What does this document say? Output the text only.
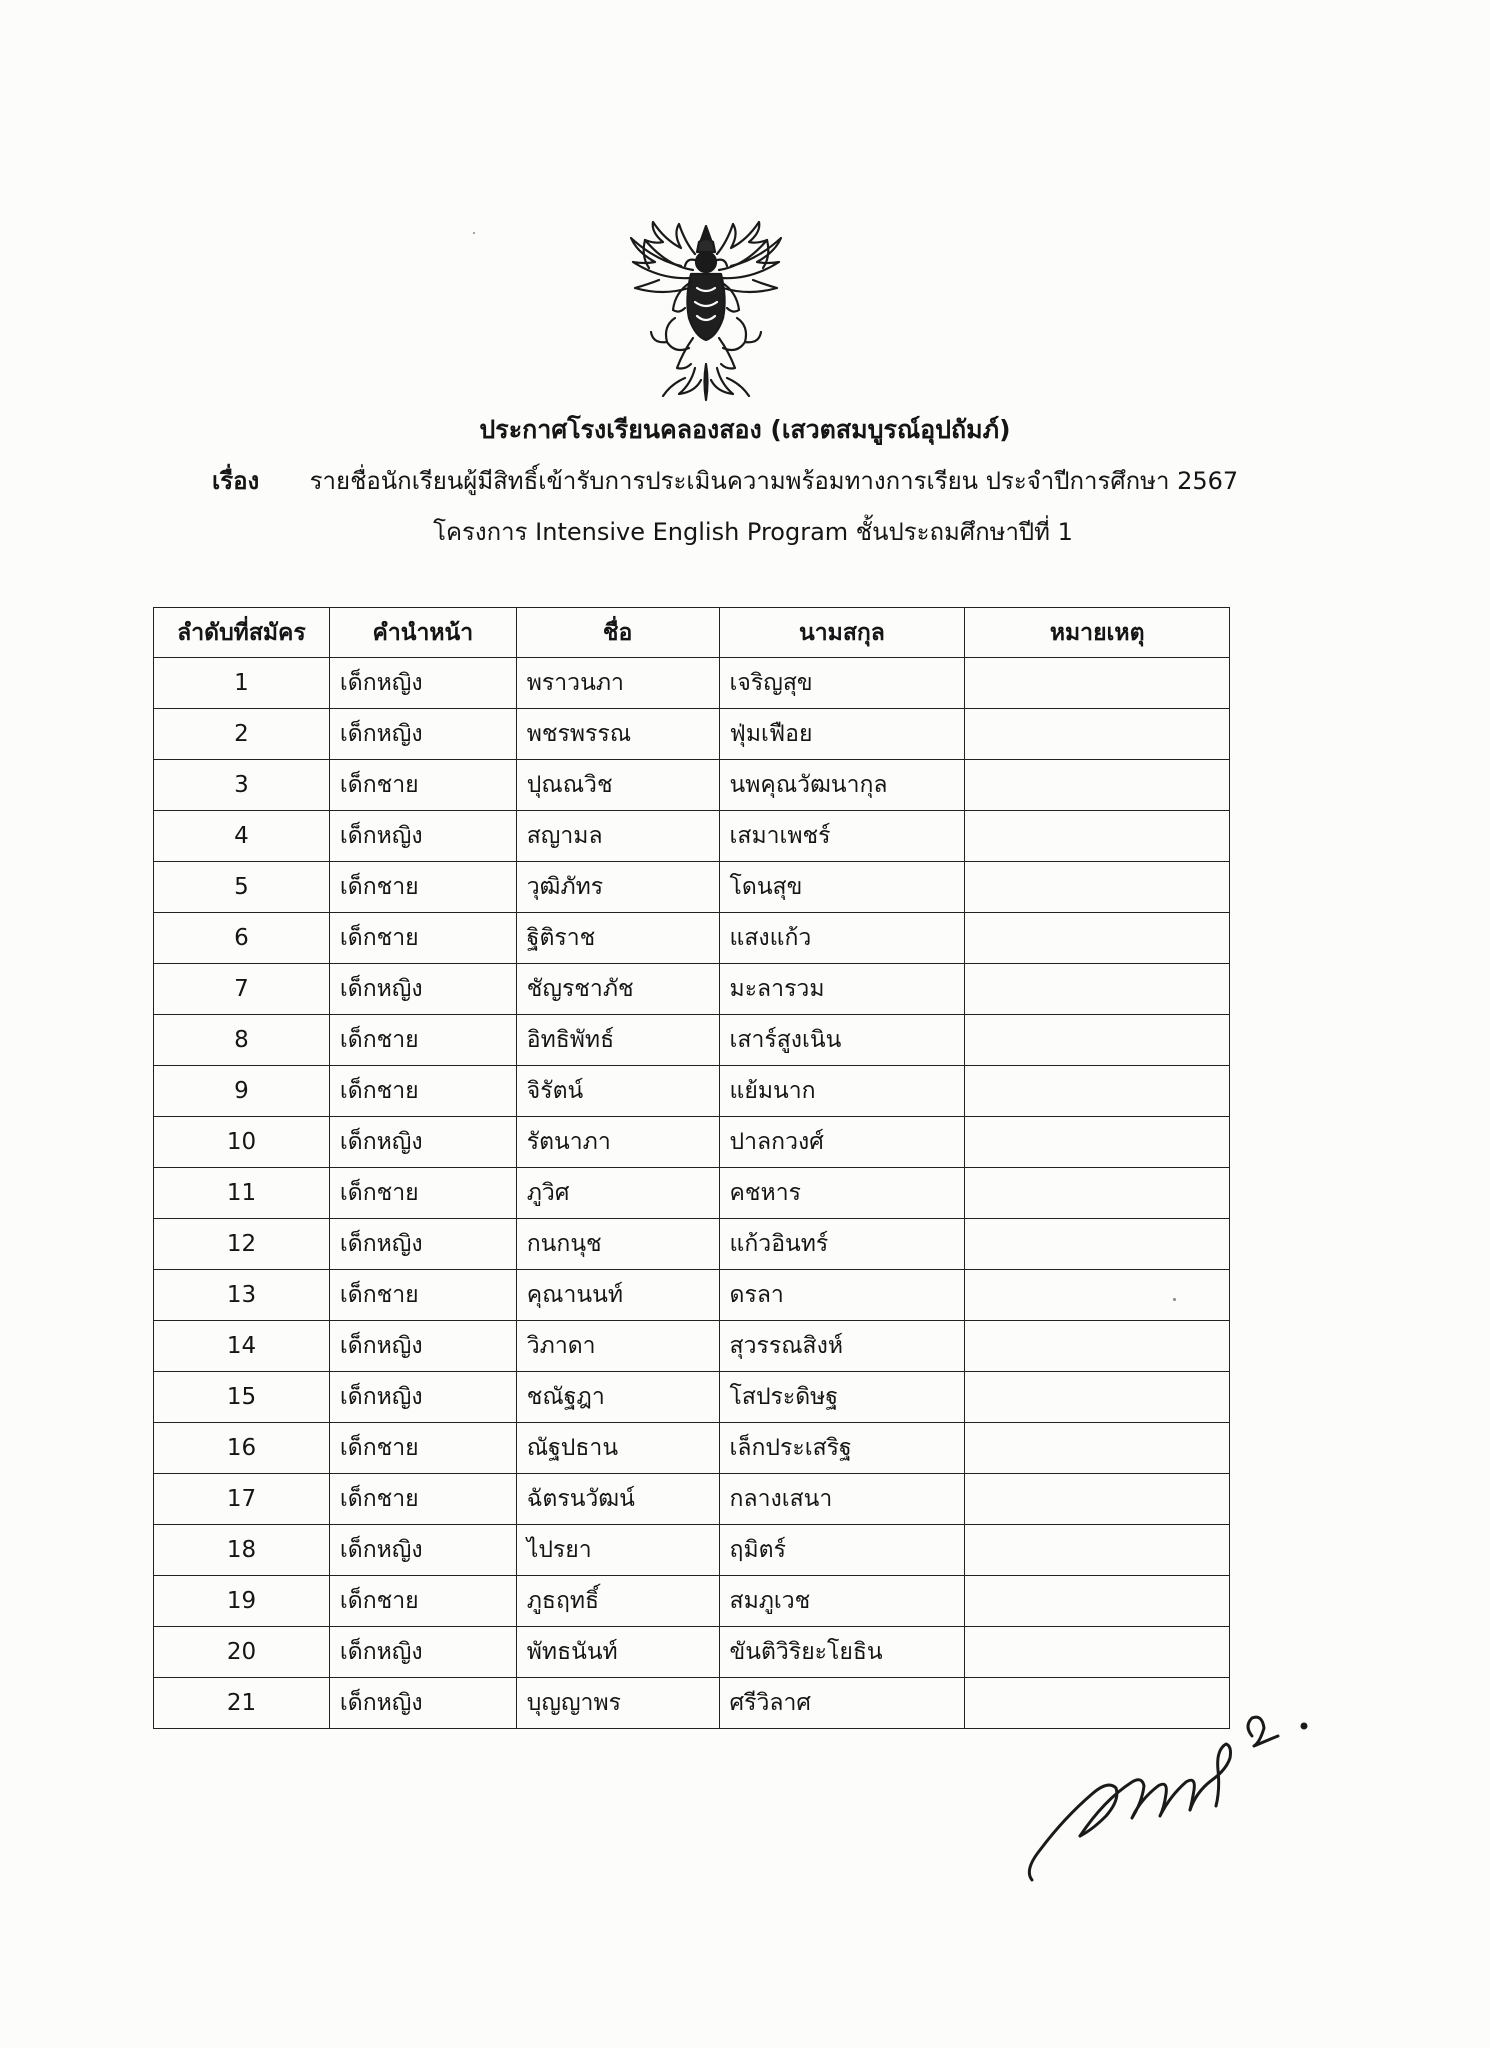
ประกาศโรงเรียนคลองสอง (เสวตสมบูรณ์อุปถัมภ์)
เรื่อง รายชื่อนักเรียนผู้มีสิทธิ์เข้ารับการประเมินความพร้อมทางการเรียน ประจำปีการศึกษา 2567
โครงการ Intensive English Program ชั้นประถมศึกษาปีที่ 1
ลำดับที่สมัคร	คำนำหน้า	ชื่อ	นามสกุล	หมายเหตุ
1	เด็กหญิง	พราวนภา	เจริญสุข	
2	เด็กหญิง	พชรพรรณ	ฟุ่มเฟือย	
3	เด็กชาย	ปุณณวิช	นพคุณวัฒนากุล	
4	เด็กหญิง	สญามล	เสมาเพชร์	
5	เด็กชาย	วุฒิภัทร	โดนสุข	
6	เด็กชาย	ฐิติราช	แสงแก้ว	
7	เด็กหญิง	ชัญรชาภัช	มะลารวม	
8	เด็กชาย	อิทธิพัทธ์	เสาร์สูงเนิน	
9	เด็กชาย	จิรัตน์	แย้มนาก	
10	เด็กหญิง	รัตนาภา	ปาลกวงศ์	
11	เด็กชาย	ภูวิศ	คชหาร	
12	เด็กหญิง	กนกนุช	แก้วอินทร์	
13	เด็กชาย	คุณานนท์	ดรลา	
14	เด็กหญิง	วิภาดา	สุวรรณสิงห์	
15	เด็กหญิง	ชณัฐฎา	โสประดิษฐ	
16	เด็กชาย	ณัฐปธาน	เล็กประเสริฐ	
17	เด็กชาย	ฉัตรนวัฒน์	กลางเสนา	
18	เด็กหญิง	ไปรยา	ฤมิตร์	
19	เด็กชาย	ภูธฤทธิ์	สมภูเวช	
20	เด็กหญิง	พัทธนันท์	ขันติวิริยะโยธิน	
21	เด็กหญิง	บุญญาพร	ศรีวิลาศ	
